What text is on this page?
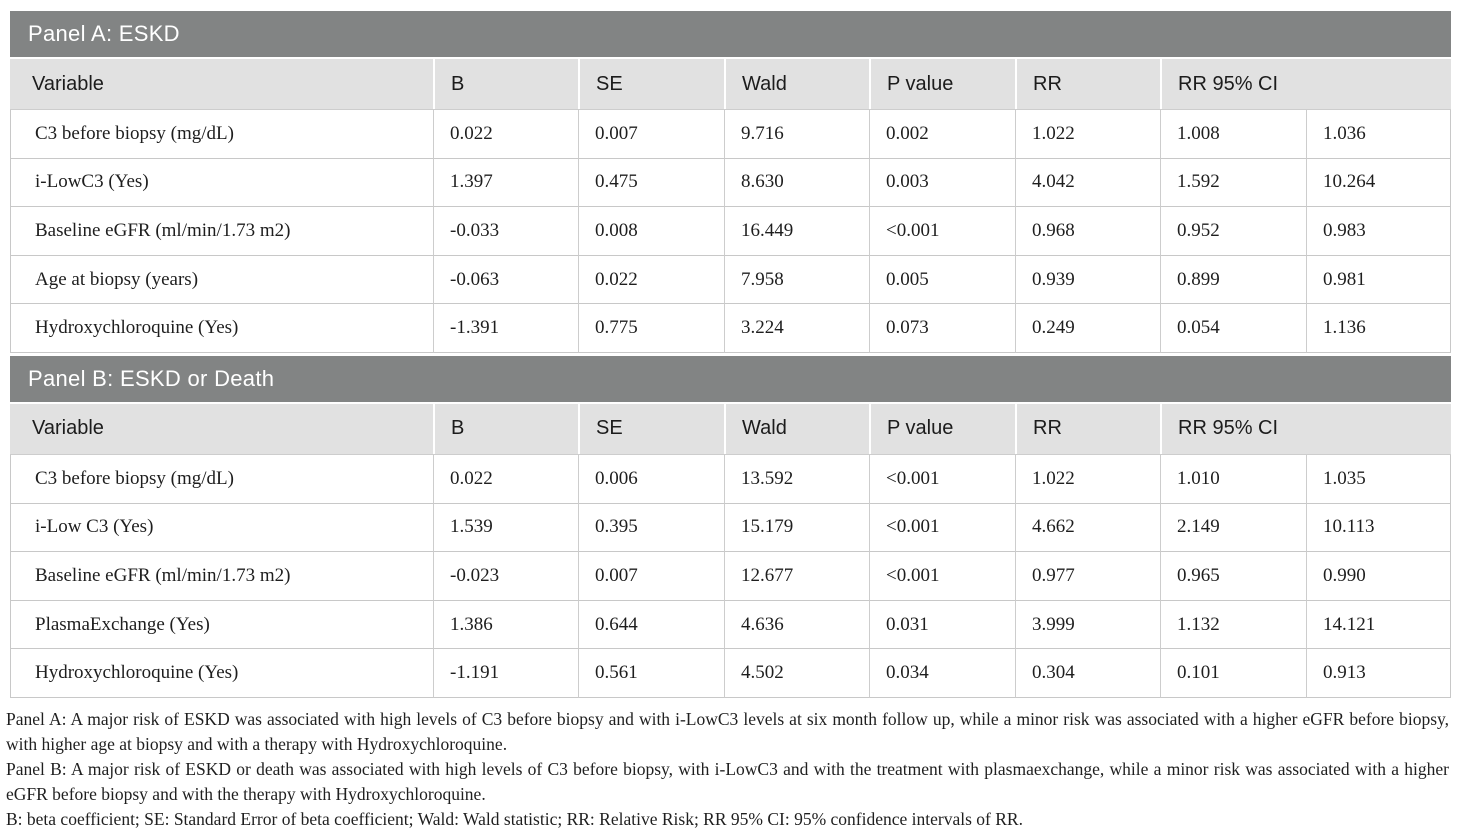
Panel A: ESKD
Variable	B	SE	Wald	P value	RR	RR 95% CI
C3 before biopsy (mg/dL)	0.022	0.007	9.716	0.002	1.022	1.008	1.036
i-LowC3 (Yes)	1.397	0.475	8.630	0.003	4.042	1.592	10.264
Baseline eGFR (ml/min/1.73 m2)	-0.033	0.008	16.449	<0.001	0.968	0.952	0.983
Age at biopsy (years)	-0.063	0.022	7.958	0.005	0.939	0.899	0.981
Hydroxychloroquine (Yes)	-1.391	0.775	3.224	0.073	0.249	0.054	1.136
Panel B: ESKD or Death
Variable	B	SE	Wald	P value	RR	RR 95% CI
C3 before biopsy (mg/dL)	0.022	0.006	13.592	<0.001	1.022	1.010	1.035
i-Low C3 (Yes)	1.539	0.395	15.179	<0.001	4.662	2.149	10.113
Baseline eGFR (ml/min/1.73 m2)	-0.023	0.007	12.677	<0.001	0.977	0.965	0.990
PlasmaExchange (Yes)	1.386	0.644	4.636	0.031	3.999	1.132	14.121
Hydroxychloroquine (Yes)	-1.191	0.561	4.502	0.034	0.304	0.101	0.913

Panel A: A major risk of ESKD was associated with high levels of C3 before biopsy and with i-LowC3 levels at six month follow up, while a minor risk was associated with a higher eGFR before biopsy, with higher age at biopsy and with a therapy with Hydroxychloroquine.

Panel B: A major risk of ESKD or death was associated with high levels of C3 before biopsy, with i-LowC3 and with the treatment with plasmaexchange, while a minor risk was associated with a higher eGFR before biopsy and with the therapy with Hydroxychloroquine.

B: beta coefficient; SE: Standard Error of beta coefficient; Wald: Wald statistic; RR: Relative Risk; RR 95% CI: 95% confidence intervals of RR.
